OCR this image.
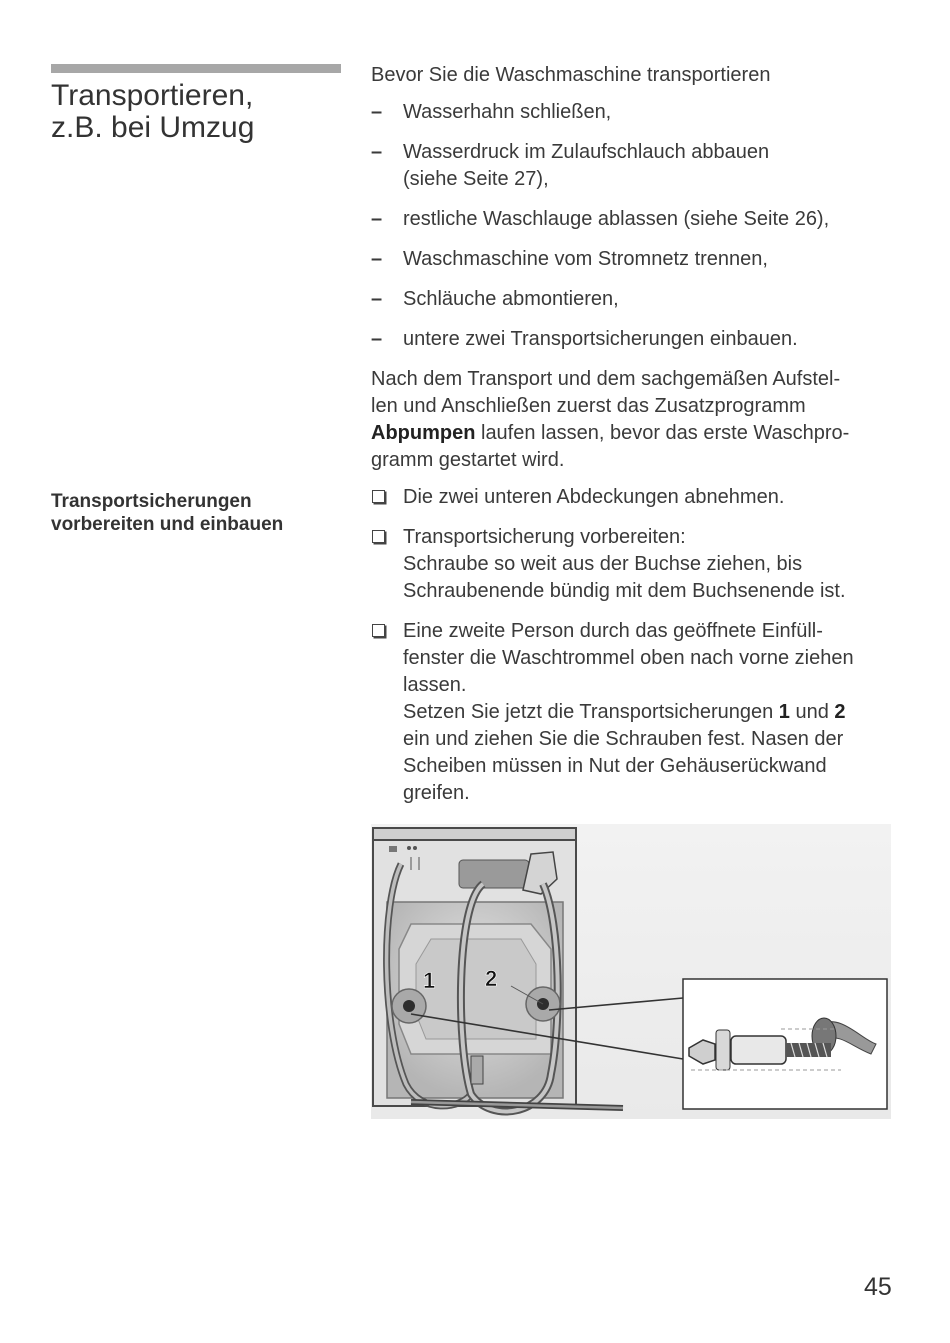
Transportieren,
z.B. bei Umzug
Transportsicherungen
vorbereiten und einbauen

Bevor Sie die Waschmaschine transportieren

– Wasserhahn schließen,
– Wasserdruck im Zulaufschlauch abbauen
(siehe Seite 27),
– restliche Waschlauge ablassen (siehe Seite 26),
– Waschmaschine vom Stromnetz trennen,
– Schläuche abmontieren,
– untere zwei Transportsicherungen einbauen.

Nach dem Transport und dem sachgemäßen Aufstel-
len und Anschließen zuerst das Zusatzprogramm
Abpumpen laufen lassen, bevor das erste Waschpro-
gramm gestartet wird.

Die zwei unteren Abdeckungen abnehmen.
Transportsicherung vorbereiten:
Schraube so weit aus der Buchse ziehen, bis
Schraubenende bündig mit dem Buchsenende ist.
Eine zweite Person durch das geöffnete Einfüll-
fenster die Waschtrommel oben nach vorne ziehen
lassen.
Setzen Sie jetzt die Transportsicherungen 1 und 2
ein und ziehen Sie die Schrauben fest. Nasen der
Scheiben müssen in Nut der Gehäuserückwand
greifen.
1 2
45
